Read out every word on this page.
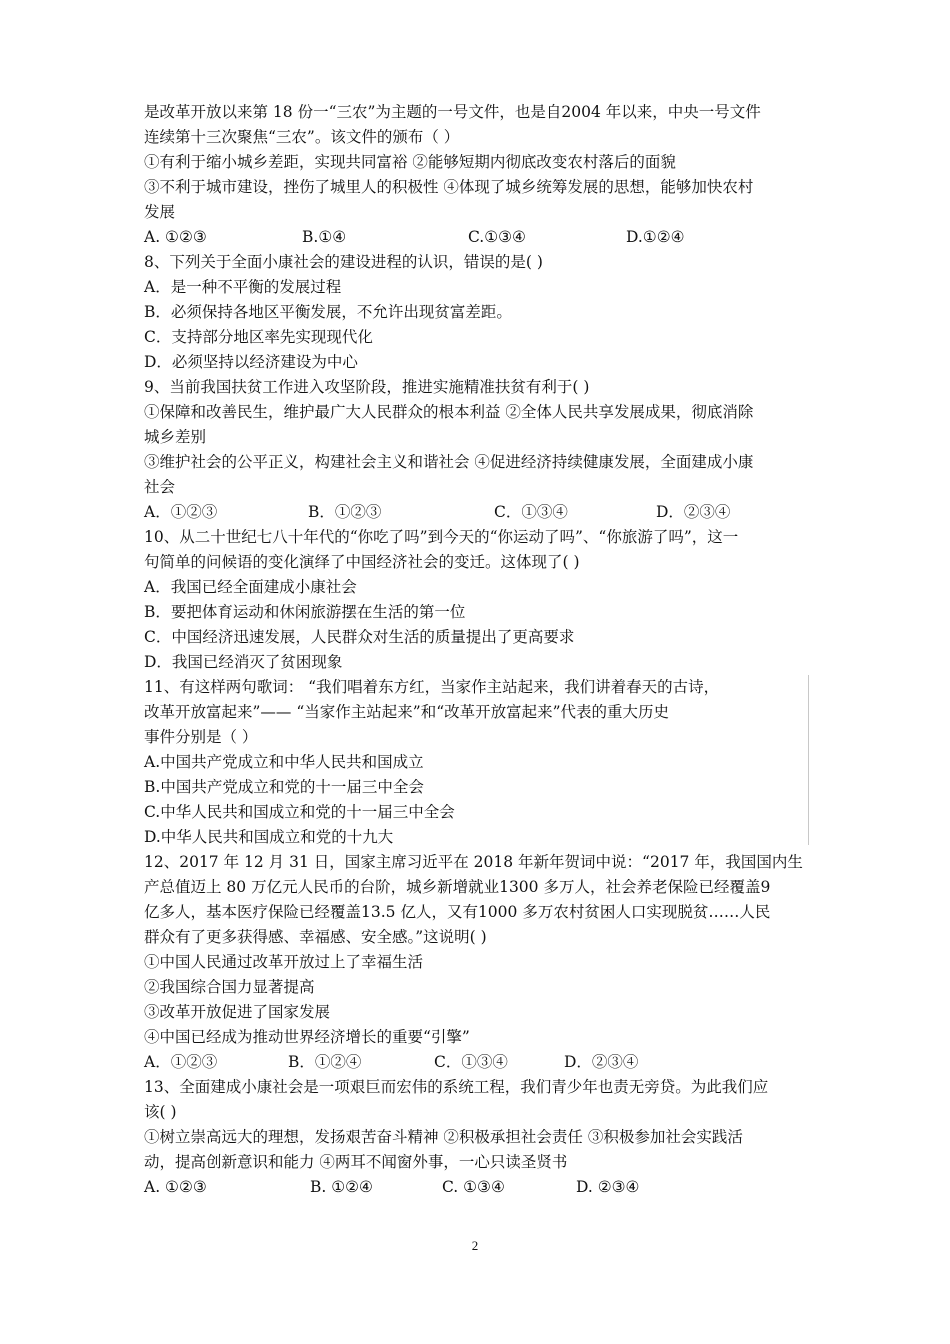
是改革开放以来第 18 份一“三农”为主题的一号文件，也是自2004 年以来，中央一号文件
连续第十三次聚焦“三农”。该文件的颁布（ ）
①有利于缩小城乡差距，实现共同富裕 ②能够短期内彻底改变农村落后的面貌
③不利于城市建设，挫伤了城里人的积极性 ④体现了城乡统筹发展的思想，能够加快农村
发展
A. ①②③	B.①④	C.①③④	D.①②④
8、下列关于全面小康社会的建设进程的认识，错误的是( )
A．是一种不平衡的发展过程
B．必须保持各地区平衡发展，不允许出现贫富差距。
C．支持部分地区率先实现现代化
D．必须坚持以经济建设为中心
9、当前我国扶贫工作进入攻坚阶段，推进实施精准扶贫有利于( )
①保障和改善民生，维护最广大人民群众的根本利益 ②全体人民共享发展成果，彻底消除
城乡差别
③维护社会的公平正义，构建社会主义和谐社会 ④促进经济持续健康发展，全面建成小康
社会
A．①②③	B．①②③	C．①③④	D．②③④
10、从二十世纪七八十年代的“你吃了吗”到今天的“你运动了吗”、“你旅游了吗”，这一
句简单的问候语的变化演绎了中国经济社会的变迁。这体现了( )
A．我国已经全面建成小康社会
B．要把体育运动和休闲旅游摆在生活的第一位
C．中国经济迅速发展，人民群众对生活的质量提出了更高要求
D．我国已经消灭了贫困现象
11、有这样两句歌词： “我们唱着东方红，当家作主站起来，我们讲着春天的古诗，
改革开放富起来”—— “当家作主站起来”和“改革开放富起来”代表的重大历史
事件分别是（ ）
A.中国共产党成立和中华人民共和国成立
B.中国共产党成立和党的十一届三中全会
C.中华人民共和国成立和党的十一届三中全会
D.中华人民共和国成立和党的十九大
12、2017 年 12 月 31 日，国家主席习近平在 2018 年新年贺词中说：“2017 年，我国国内生
产总值迈上 80 万亿元人民币的台阶，城乡新增就业1300 多万人，社会养老保险已经覆盖9
亿多人，基本医疗保险已经覆盖13.5 亿人，又有1000 多万农村贫困人口实现脱贫……人民
群众有了更多获得感、幸福感、安全感。”这说明( )
①中国人民通过改革开放过上了幸福生活
②我国综合国力显著提高
③改革开放促进了国家发展
④中国已经成为推动世界经济增长的重要“引擎”
A．①②③	B．①②④	C．①③④	D．②③④
13、全面建成小康社会是一项艰巨而宏伟的系统工程，我们青少年也责无旁贷。为此我们应
该( )
①树立崇高远大的理想，发扬艰苦奋斗精神 ②积极承担社会责任 ③积极参加社会实践活
动，提高创新意识和能力 ④两耳不闻窗外事，一心只读圣贤书
A. ①②③	B. ①②④	C. ①③④	D. ②③④
2
